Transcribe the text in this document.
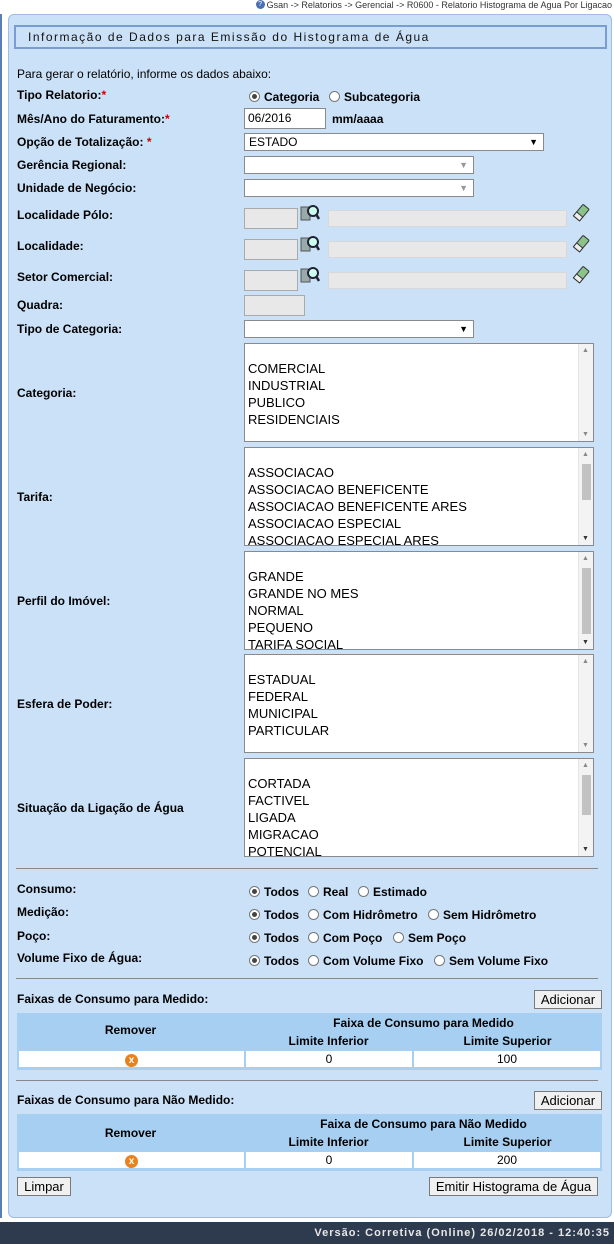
? Gsan -> Relatorios -> Gerencial -> R0600 - Relatorio Histograma de Agua Por Ligacao
Informação de Dados para Emissão do Histograma de Água
Para gerar o relatório, informe os dados abaixo:
Tipo Relatorio:*	Categoria	Subcategoria
Mês/Ano do Faturamento:*	06/2016	mm/aaaa
Opção de Totalização: *	ESTADO	▼
Gerência Regional:	▼
Unidade de Negócio:	▼
Localidade Pólo:
Localidade:
Setor Comercial:
Quadra:
Tipo de Categoria:	▼
Categoria:
COMERCIAL
INDUSTRIAL
PUBLICO
RESIDENCIAIS
▲
▼
Tarifa:
ASSOCIACAO
ASSOCIACAO BENEFICENTE
ASSOCIACAO BENEFICENTE ARES
ASSOCIACAO ESPECIAL
ASSOCIACAO ESPECIAL ARES
▲
▼
Perfil do Imóvel:
GRANDE
GRANDE NO MES
NORMAL
PEQUENO
TARIFA SOCIAL
▲
▼
Esfera de Poder:
ESTADUAL
FEDERAL
MUNICIPAL
PARTICULAR
▲
▼
Situação da Ligação de Água
CORTADA
FACTIVEL
LIGADA
MIGRACAO
POTENCIAL
▲
▼
Consumo:	Todos	Real	Estimado
Medição:	Todos	Com Hidrômetro	Sem Hidrômetro
Poço:	Todos	Com Poço	Sem Poço
Volume Fixo de Água:	Todos	Com Volume Fixo	Sem Volume Fixo
Faixas de Consumo para Medido:	Adicionar
Remover	Faixa de Consumo para Medido
Limite Inferior	Limite Superior
x	0	100
Faixas de Consumo para Não Medido:	Adicionar
Remover
Faixa de Consumo para Não Medido
Limite Inferior	Limite Superior
x	0	200
Limpar	Emitir Histograma de Água
Versão: Corretiva (Online) 26/02/2018 - 12:40:35
